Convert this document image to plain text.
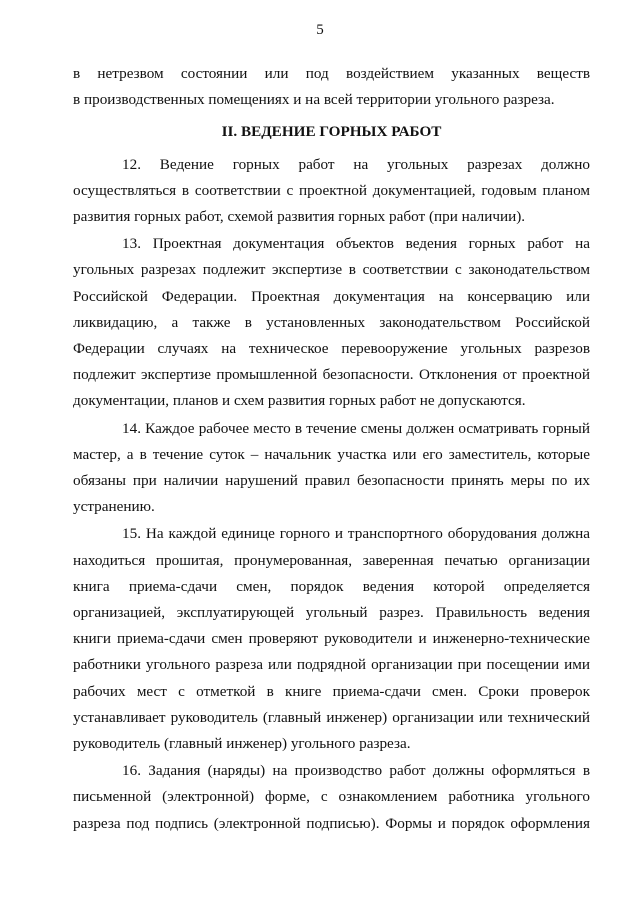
5

в нетрезвом состоянии или под воздействием указанных веществ

в производственных помещениях и на всей территории угольного разреза.

II. ВЕДЕНИЕ ГОРНЫХ РАБОТ

12. Ведение горных работ на угольных разрезах должно осуществляться в соответствии с проектной документацией, годовым планом развития горных работ, схемой развития горных работ (при наличии).

13. Проектная документация объектов ведения горных работ на угольных разрезах подлежит экспертизе в соответствии с законодательством Российской Федерации. Проектная документация на консервацию или ликвидацию, а также в установленных законодательством Российской Федерации случаях на техническое перевооружение угольных разрезов подлежит экспертизе промышленной безопасности. Отклонения от проектной документации, планов и схем развития горных работ не допускаются.

14. Каждое рабочее место в течение смены должен осматривать горный мастер, а в течение суток – начальник участка или его заместитель, которые обязаны при наличии нарушений правил безопасности принять меры по их устранению.

15. На каждой единице горного и транспортного оборудования должна находиться прошитая, пронумерованная, заверенная печатью организации книга приема-сдачи смен, порядок ведения которой определяется организацией, эксплуатирующей угольный разрез. Правильность ведения книги приема-сдачи смен проверяют руководители и инженерно-технические работники угольного разреза или подрядной организации при посещении ими рабочих мест с отметкой в книге приема-сдачи смен. Сроки проверок устанавливает руководитель (главный инженер) организации или технический руководитель (главный инженер) угольного разреза.

16. Задания (наряды) на производство работ должны оформляться в письменной (электронной) форме, с ознакомлением работника угольного разреза под подпись (электронной подписью). Формы и порядок оформления
